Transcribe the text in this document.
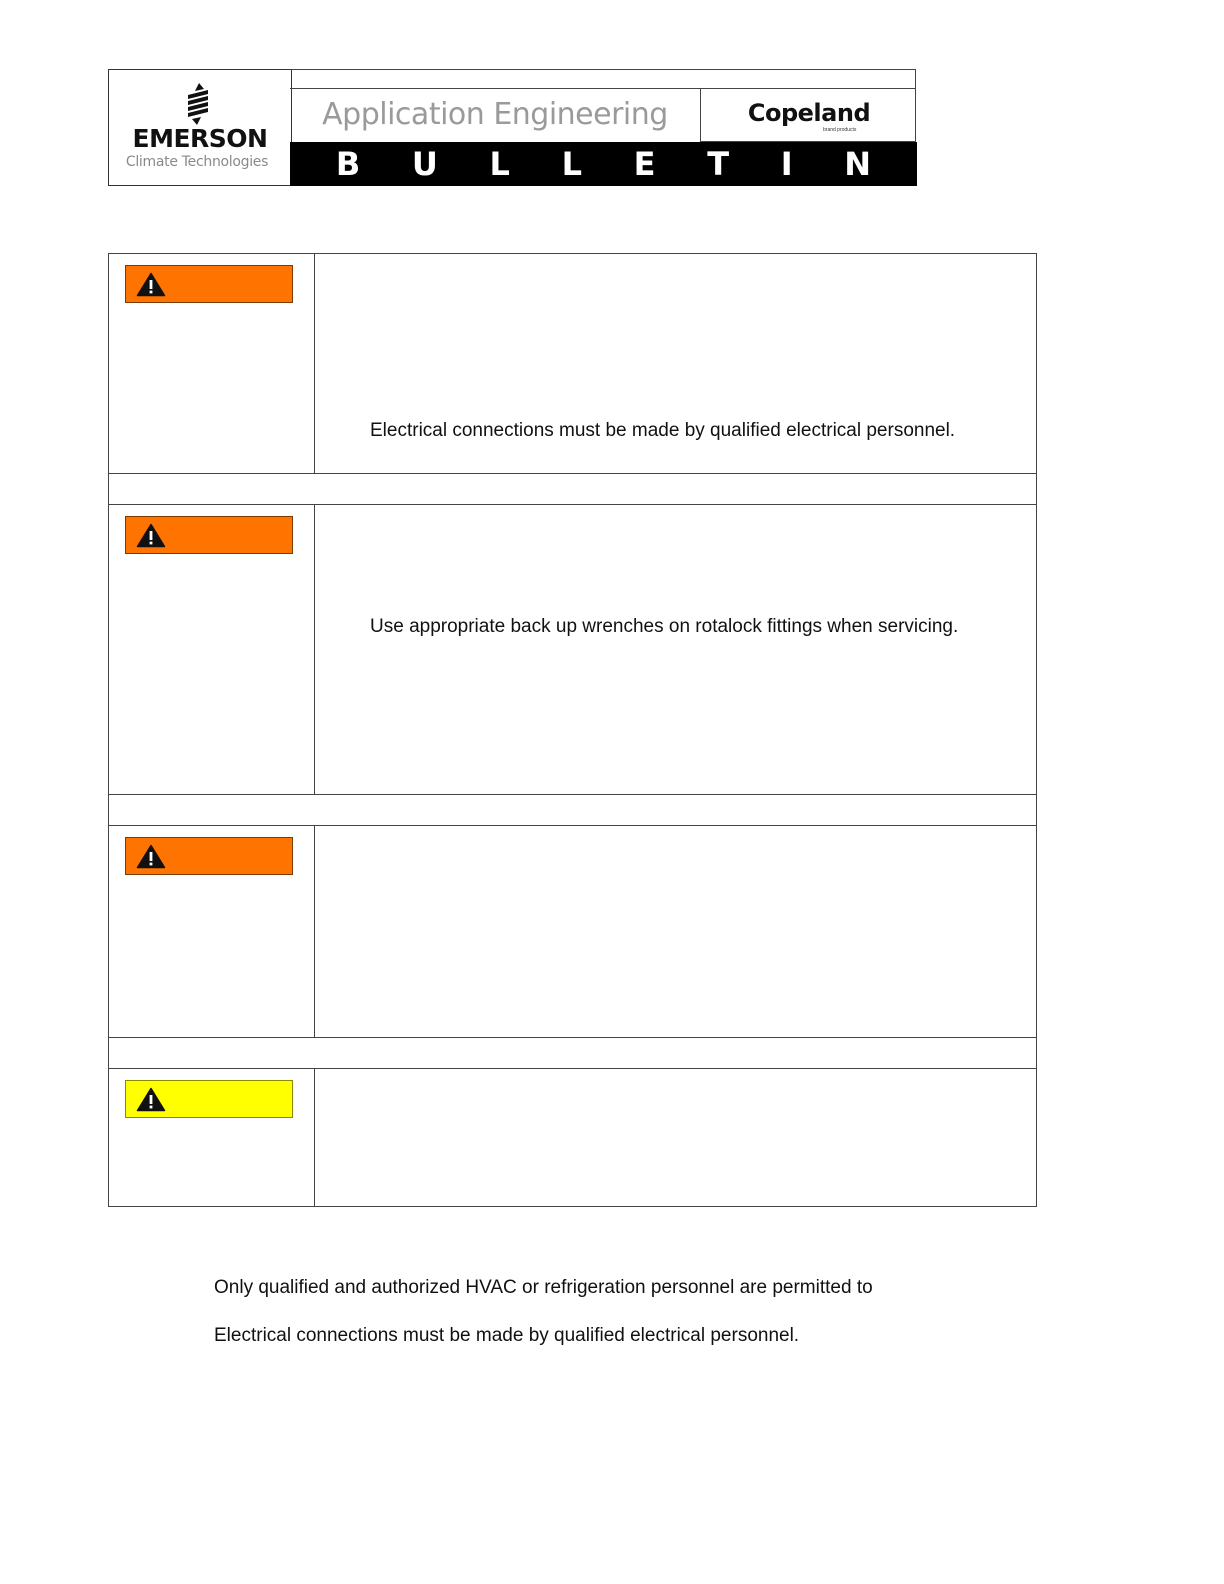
EMERSON
Climate Technologies
Application Engineering	Copeland
brand products
B U L L E T I N
Electrical connections must be made by qualified electrical personnel.
Use appropriate back up wrenches on rotalock fittings when servicing.
Only qualified and authorized HVAC or refrigeration personnel are permitted to
Electrical connections must be made by qualified electrical personnel.
